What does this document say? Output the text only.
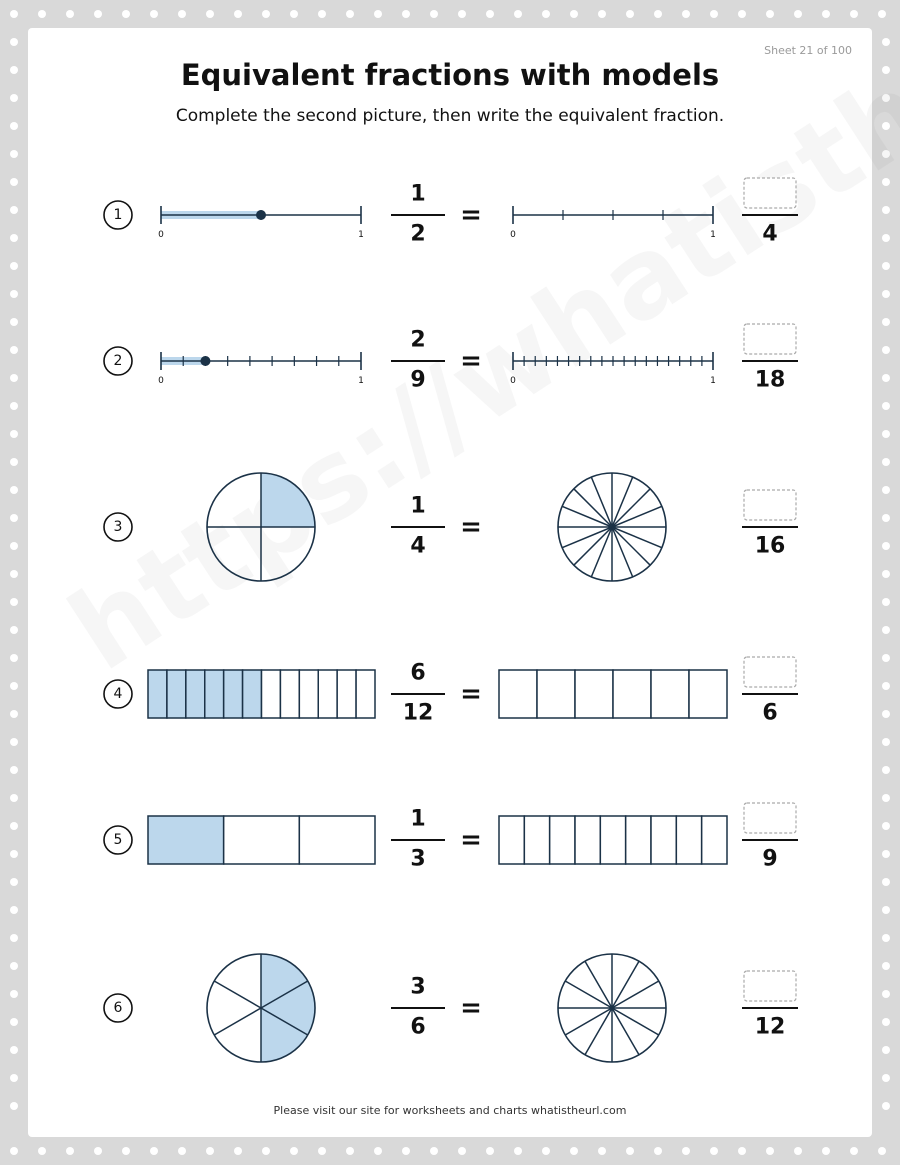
Sheet 21 of 100
Equivalent fractions with models
Complete the second picture, then write the equivalent fraction.
1
0	1	0	1
1
2
=
4
2
0	1	0	1
2
9
=
18
3
1
4
=
16
4
6
12
=
6
5
1
3
=
9
6
3
6
=
12
Please visit our site for worksheets and charts whatistheurl.com
